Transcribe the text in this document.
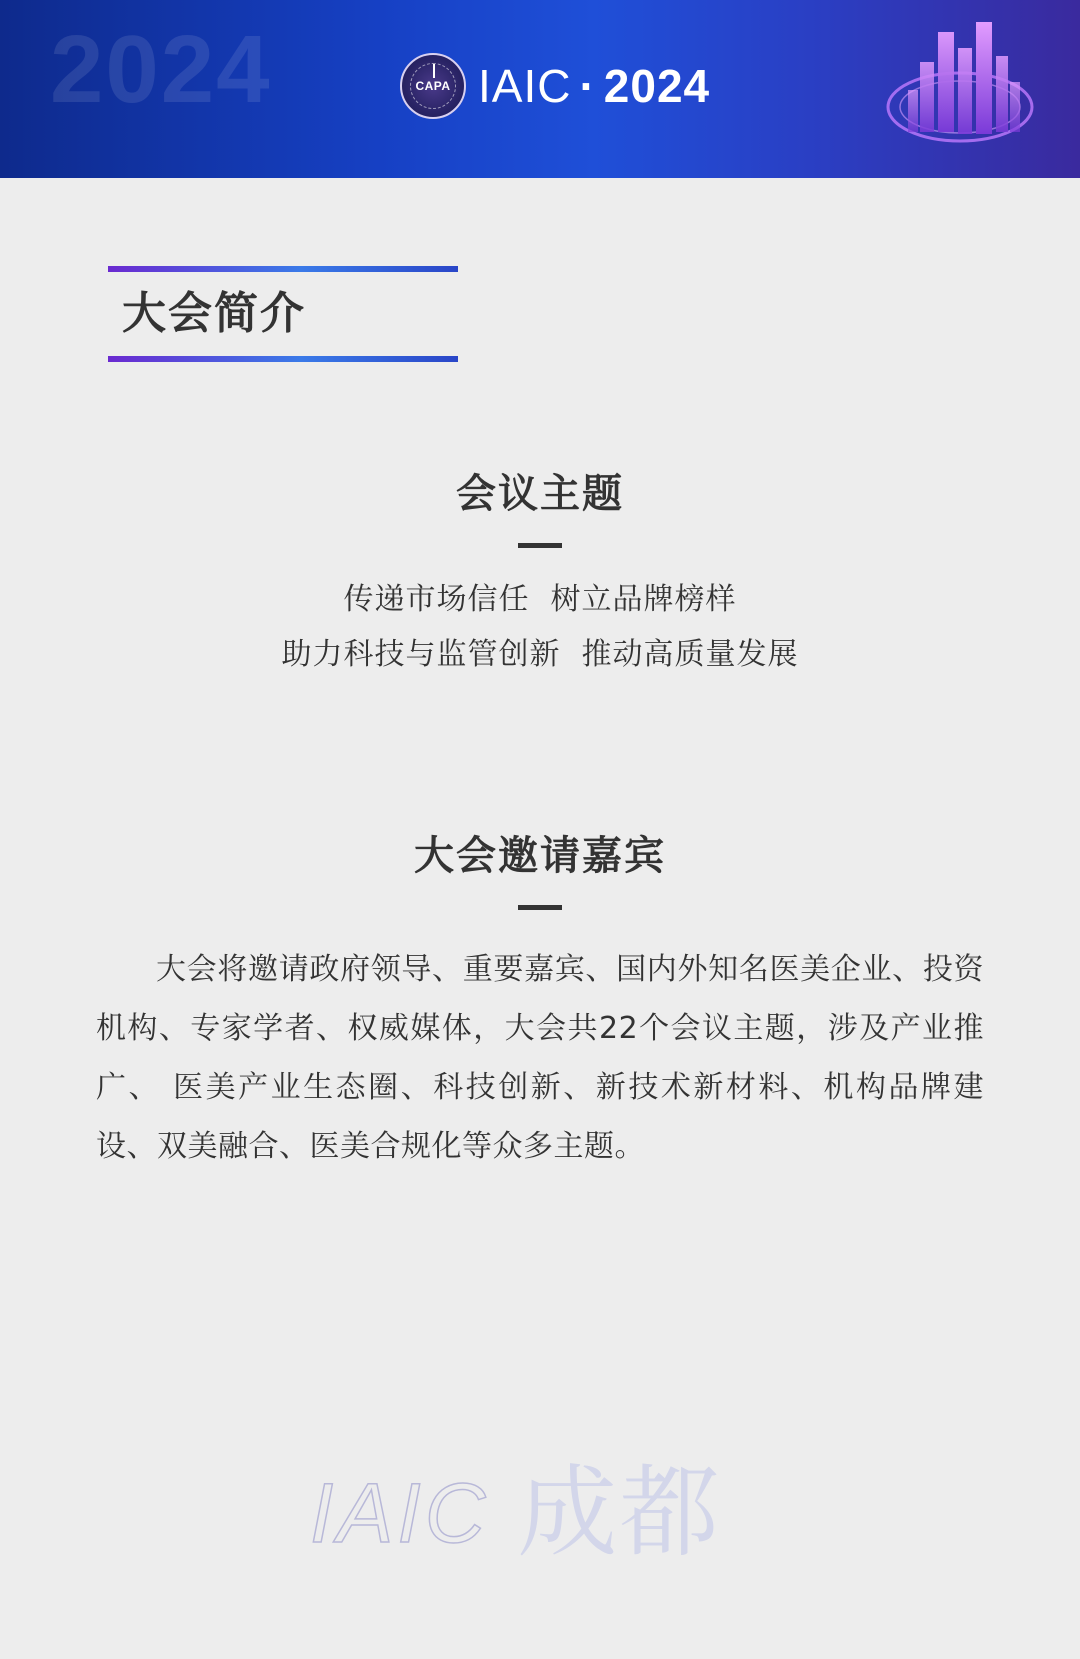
2024	CAPA IAIC · 2024
大会简介
会议主题
传递市场信任  树立品牌榜样
助力科技与监管创新  推动高质量发展
大会邀请嘉宾
大会将邀请政府领导、重要嘉宾、国内外知名医美企业、投资机构、专家学者、权威媒体，大会共22个会议主题，涉及产业推广、 医美产业生态圈、科技创新、新技术新材料、机构品牌建设、双美融合、医美合规化等众多主题。
IAIC 成都
